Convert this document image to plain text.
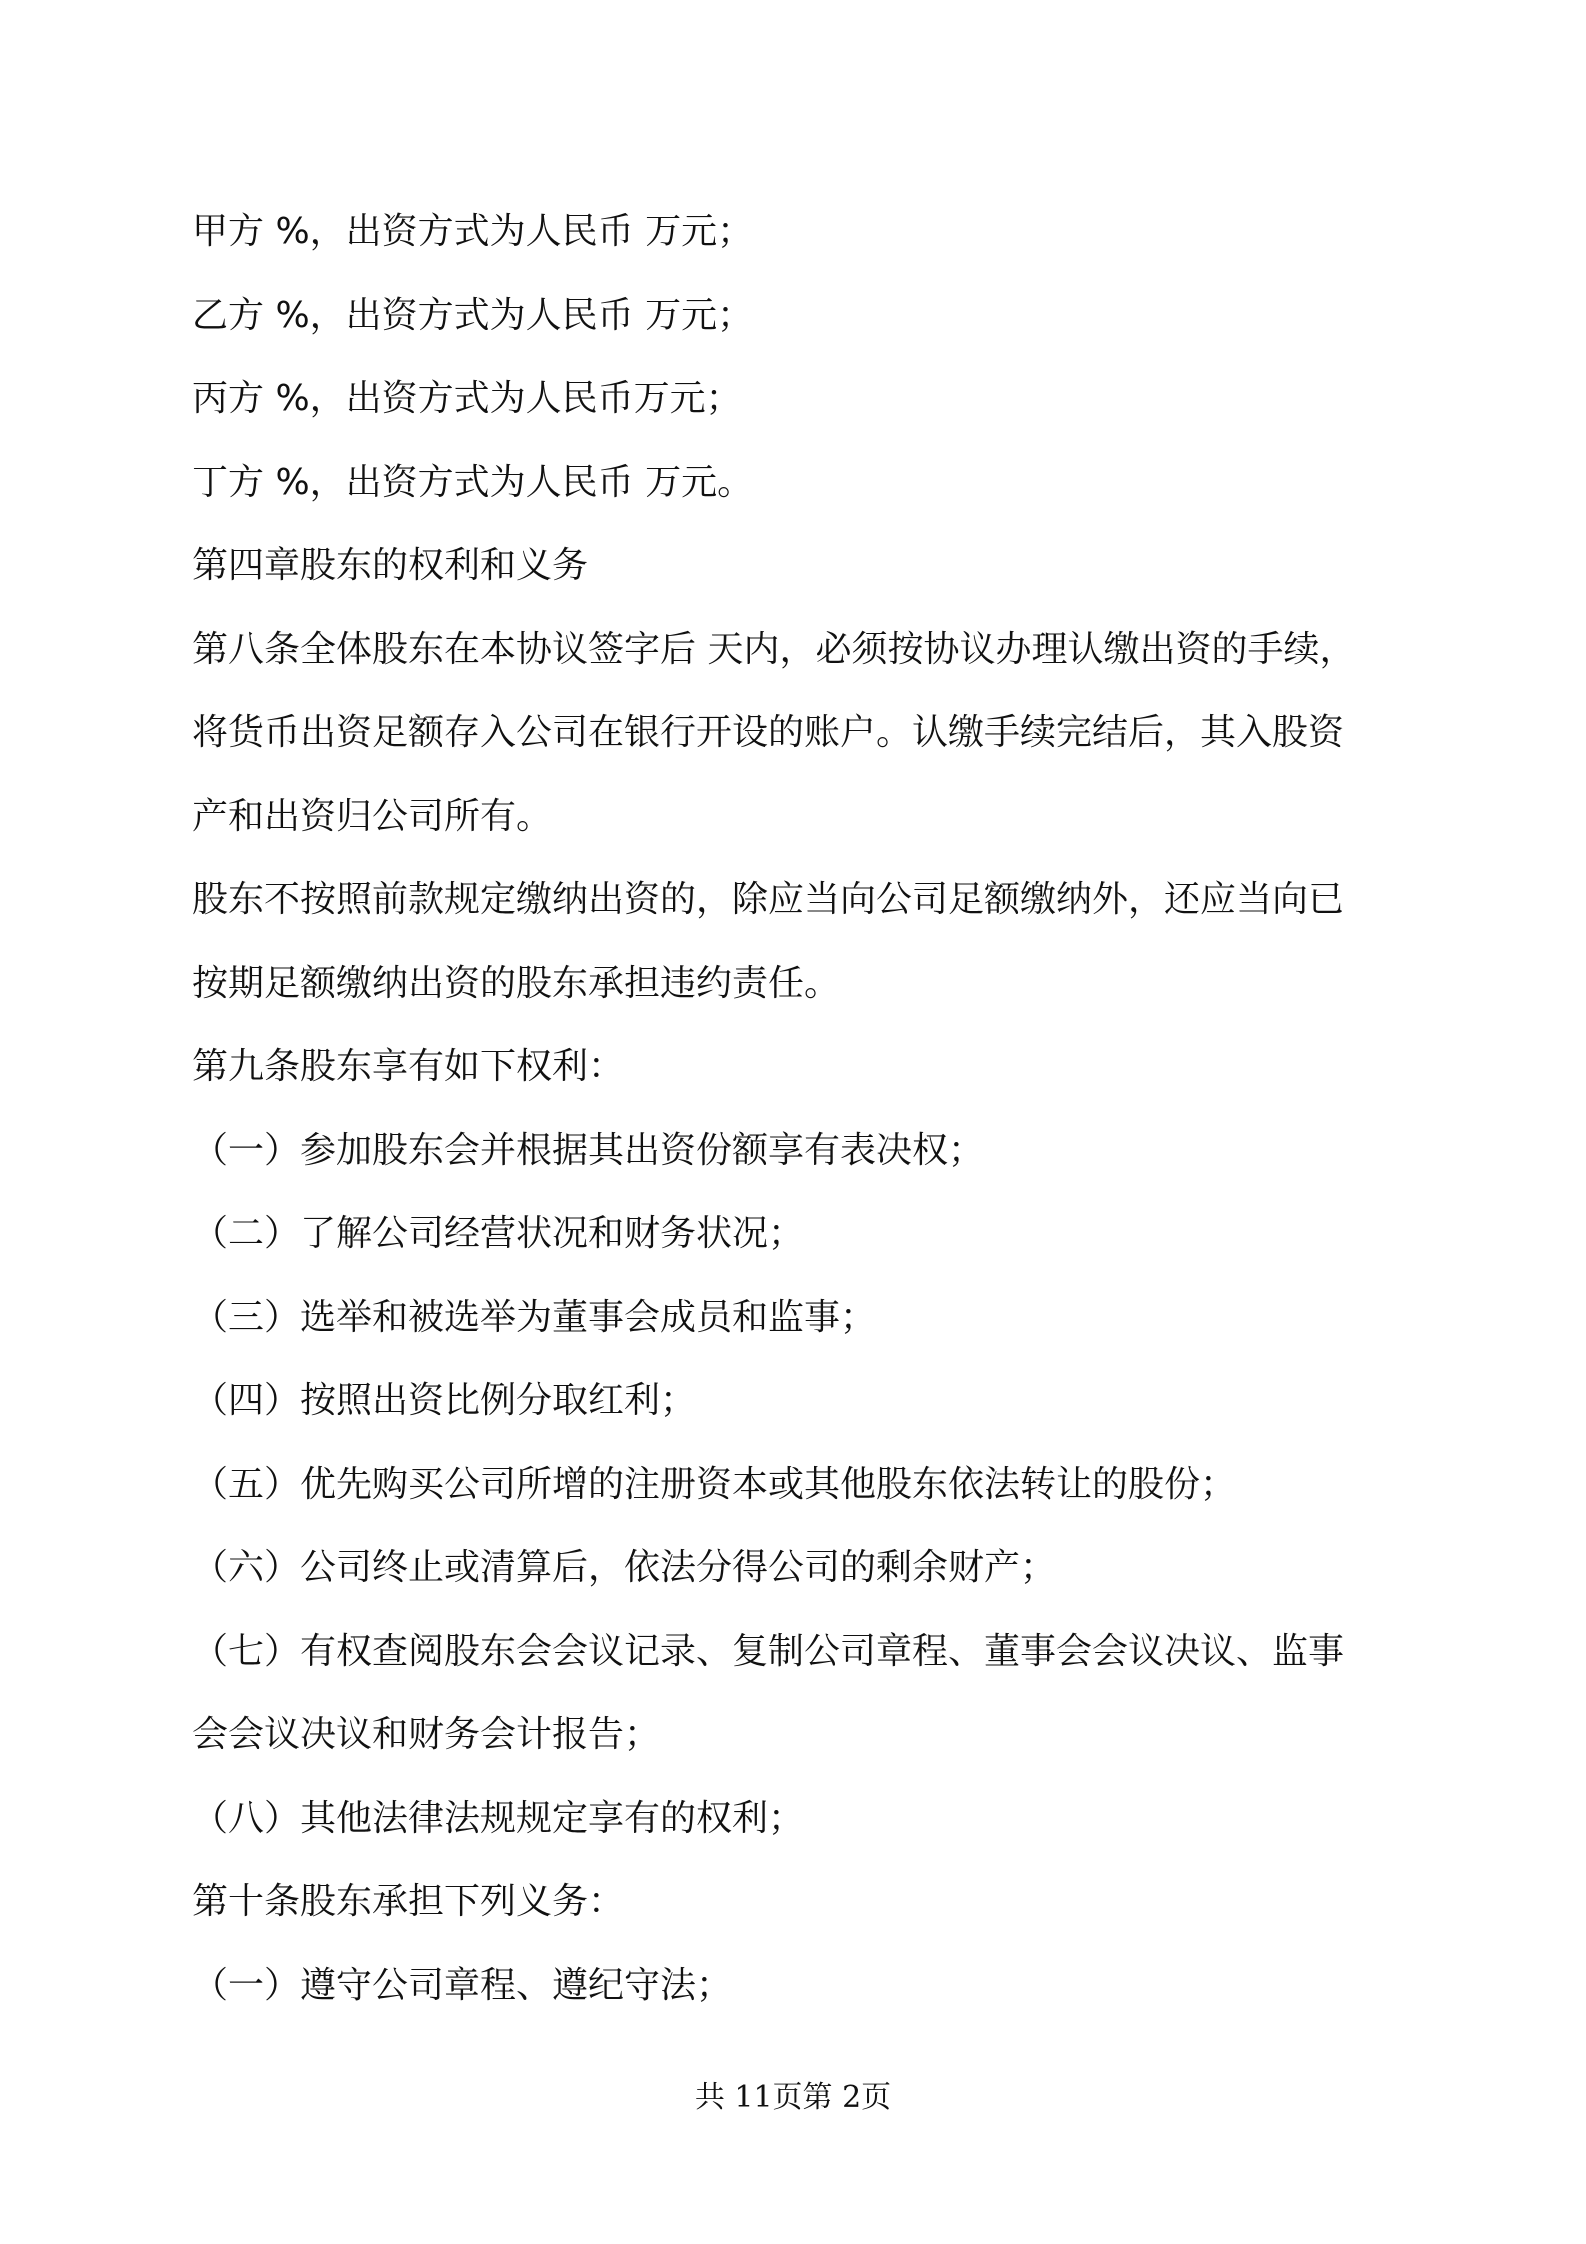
甲方 %，出资方式为人民币 万元；
乙方 %，出资方式为人民币 万元；
丙方 %，出资方式为人民币万元；
丁方 %，出资方式为人民币 万元。
第四章股东的权利和义务
第八条全体股东在本协议签字后 天内，必须按协议办理认缴出资的手续，
将货币出资足额存入公司在银行开设的账户。认缴手续完结后，其入股资
产和出资归公司所有。
股东不按照前款规定缴纳出资的，除应当向公司足额缴纳外，还应当向已
按期足额缴纳出资的股东承担违约责任。
第九条股东享有如下权利：
（一）参加股东会并根据其出资份额享有表决权；
（二）了解公司经营状况和财务状况；
（三）选举和被选举为董事会成员和监事；
（四）按照出资比例分取红利；
（五）优先购买公司所增的注册资本或其他股东依法转让的股份；
（六）公司终止或清算后，依法分得公司的剩余财产；
（七）有权查阅股东会会议记录、复制公司章程、董事会会议决议、监事
会会议决议和财务会计报告；
（八）其他法律法规规定享有的权利；
第十条股东承担下列义务：
（一）遵守公司章程、遵纪守法；
共 11页第 2页
